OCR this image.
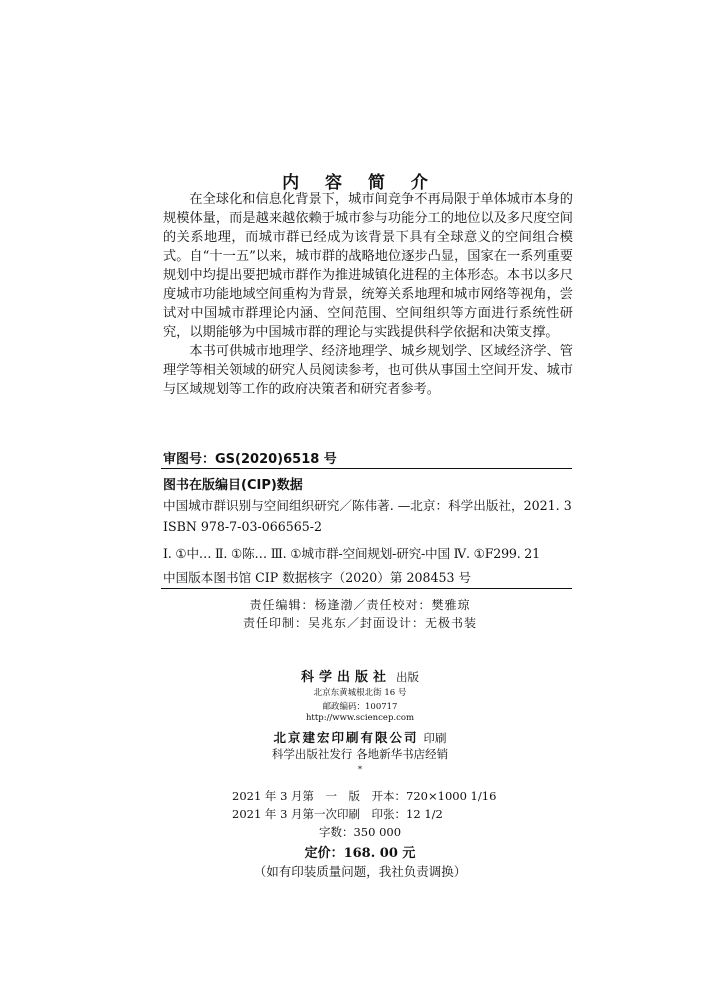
内 容 简 介

在全球化和信息化背景下，城市间竞争不再局限于单体城市本身的规模体量，而是越来越依赖于城市参与功能分工的地位以及多尺度空间的关系地理，而城市群已经成为该背景下具有全球意义的空间组合模式。自“十一五”以来，城市群的战略地位逐步凸显，国家在一系列重要规划中均提出要把城市群作为推进城镇化进程的主体形态。本书以多尺度城市功能地域空间重构为背景，统筹关系地理和城市网络等视角，尝试对中国城市群理论内涵、空间范围、空间组织等方面进行系统性研究，以期能够为中国城市群的理论与实践提供科学依据和决策支撑。

本书可供城市地理学、经济地理学、城乡规划学、区域经济学、管理学等相关领域的研究人员阅读参考，也可供从事国土空间开发、城市与区域规划等工作的政府决策者和研究者参考。

审图号：GS(2020)6518 号
图书在版编目(CIP)数据
中国城市群识别与空间组织研究／陈伟著. —北京：科学出版社，2021. 3
ISBN 978-7-03-066565-2
Ⅰ. ①中… Ⅱ. ①陈… Ⅲ. ①城市群-空间规划-研究-中国 Ⅳ. ①F299. 21
中国版本图书馆 CIP 数据核字（2020）第 208453 号
责任编辑：杨逢渤／责任校对：樊雅琼
责任印制：吴兆东／封面设计：无极书装
科学出版社 出版
北京东黄城根北街 16 号
邮政编码：100717
http://www.sciencep.com
北京建宏印刷有限公司 印刷
科学出版社发行 各地新华书店经销
*
2021 年 3 月第　一　版　开本：720×1000 1/16
2021 年 3 月第一次印刷　印张：12 1/2
字数：350 000
定价：168. 00 元
（如有印装质量问题，我社负责调换）
